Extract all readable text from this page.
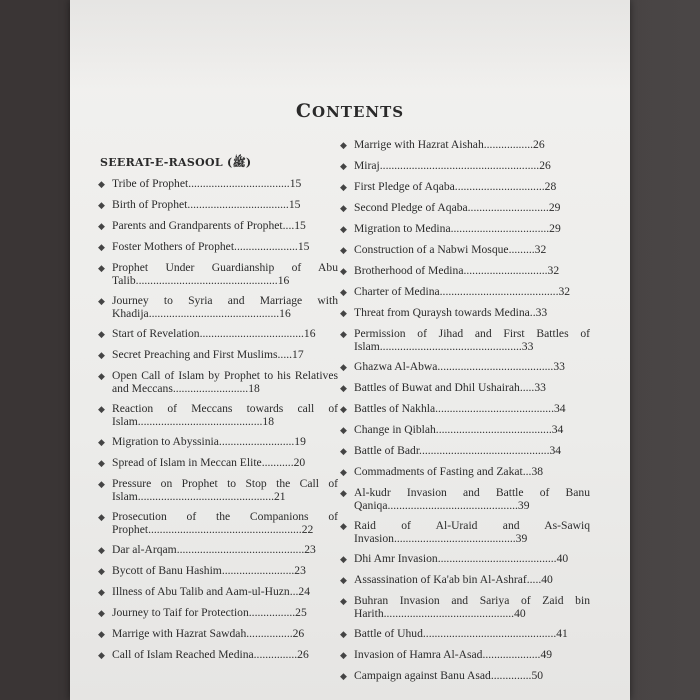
CONTENTS
SEERAT-E-RASOOL (ﷺ)
◆ Tribe of Prophet...................................15
◆ Birth of Prophet...................................15
◆ Parents and Grandparents of Prophet....15
◆ Foster Mothers of Prophet......................15
◆ Prophet Under Guardianship of Abu Talib.................................................16
◆ Journey to Syria and Marriage with Khadija.............................................16
◆ Start of Revelation....................................16
◆ Secret Preaching and First Muslims.....17
◆ Open Call of Islam by Prophet to his Relatives and Meccans..........................18
◆ Reaction of Meccans towards call of Islam...........................................18
◆ Migration to Abyssinia..........................19
◆ Spread of Islam in Meccan Elite...........20
◆ Pressure on Prophet to Stop the Call of Islam...............................................21
◆ Prosecution of the Companions of Prophet.....................................................22
◆ Dar al-Arqam............................................23
◆ Bycott of Banu Hashim.........................23
◆ Illness of Abu Talib and Aam-ul-Huzn...24
◆ Journey to Taif for Protection................25
◆ Marrige with Hazrat Sawdah................26
◆ Call of Islam Reached Medina...............26
◆ Marrige with Hazrat Aishah.................26
◆ Miraj.......................................................26
◆ First Pledge of Aqaba...............................28
◆ Second Pledge of Aqaba............................29
◆ Migration to Medina..................................29
◆ Construction of a Nabwi Mosque.........32
◆ Brotherhood of Medina.............................32
◆ Charter of Medina.........................................32
◆ Threat from Quraysh towards Medina..33
◆ Permission of Jihad and First Battles of Islam.................................................33
◆ Ghazwa Al-Abwa........................................33
◆ Battles of Buwat and Dhil Ushairah.....33
◆ Battles of Nakhla.........................................34
◆ Change in Qiblah........................................34
◆ Battle of Badr.............................................34
◆ Commadments of Fasting and Zakat...38
◆ Al-kudr Invasion and Battle of Banu Qaniqa.............................................39
◆ Raid of Al-Uraid and As-Sawiq Invasion..........................................39
◆ Dhi Amr Invasion.........................................40
◆ Assassination of Ka'ab bin Al-Ashraf.....40
◆ Buhran Invasion and Sariya of Zaid bin Harith.............................................40
◆ Battle of Uhud..............................................41
◆ Invasion of Hamra Al-Asad....................49
◆ Campaign against Banu Asad..............50
